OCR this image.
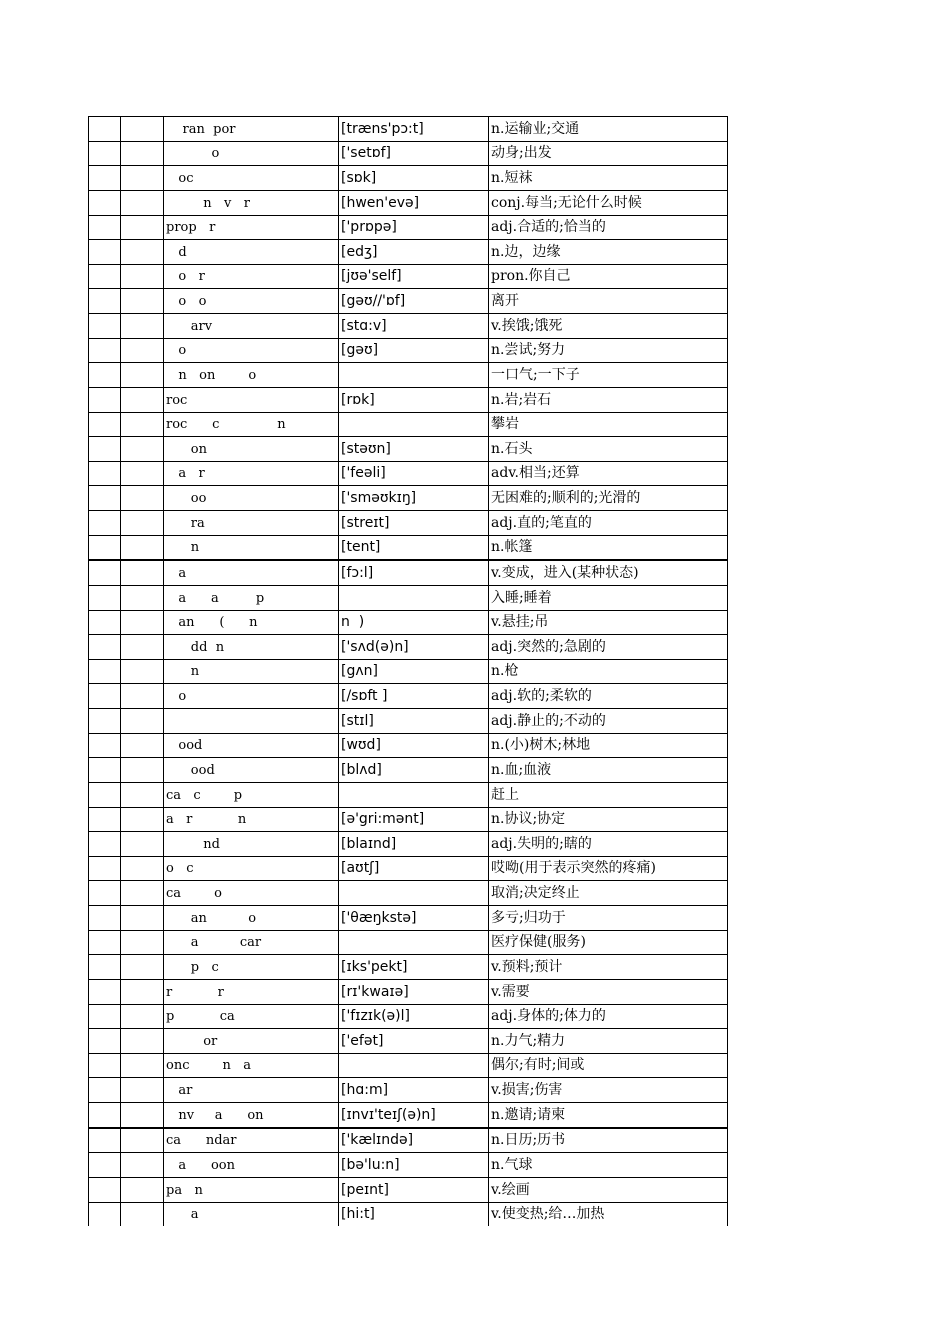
		ran  por	[træns'pɔ:t]	n.运输业;交通
		o	['setɒf]	动身;出发
		oc	[sɒk]	n.短袜
		n   v   r	[hwen'evə]	conj.每当;无论什么时候
		prop   r	['prɒpə]	adj.合适的;恰当的
		d	[edʒ]	n.边，边缘
		o   r	[jʊə'self]	pron.你自己
		o   o	[gəʊ//'ɒf]	离开
		arv	[stɑ:v]	v.挨饿;饿死
		o	[gəʊ]	n.尝试;努力
		n   on        o		一口气;一下子
		roc	[rɒk]	n.岩;岩石
		roc      c              n		攀岩
		on	[stəʊn]	n.石头
		a   r	['feəli]	adv.相当;还算
		oo	['sməʊkɪŋ]	无困难的;顺利的;光滑的
		ra	[streɪt]	adj.直的;笔直的
		n	[tent]	n.帐篷
		a	[fɔ:l]	v.变成，进入(某种状态)
		a      a         p		入睡;睡着
		an      (      n	n  )	v.悬挂;吊
		dd  n	['sʌd(ə)n]	adj.突然的;急剧的
		n	[gʌn]	n.枪
		o	[/sɒft ]	adj.软的;柔软的
			[stɪl]	adj.静止的;不动的
		ood	[wʊd]	n.(小)树木;林地
		ood	[blʌd]	n.血;血液
		ca   c        p		赶上
		a   r           n	[ə'gri:mənt]	n.协议;协定
		nd	[blaɪnd]	adj.失明的;瞎的
		o   c	[aʊtʃ]	哎呦(用于表示突然的疼痛)
		ca        o		取消;决定终止
		an          o	['θæŋkstə]	多亏;归功于
		a          car		医疗保健(服务)
		p   c	[ɪks'pekt]	v.预料;预计
		r           r	[rɪ'kwaɪə]	v.需要
		p           ca	['fɪzɪk(ə)l]	adj.身体的;体力的
		or	['efət]	n.力气;精力
		onc        n   a		偶尔;有时;间或
		ar	[hɑ:m]	v.损害;伤害
		nv     a      on	[ɪnvɪ'teɪʃ(ə)n]	n.邀请;请柬
		ca      ndar	['kælɪndə]	n.日历;历书
		a      oon	[bə'lu:n]	n.气球
		pa   n	[peɪnt]	v.绘画
		a	[hi:t]	v.使变热;给…加热
